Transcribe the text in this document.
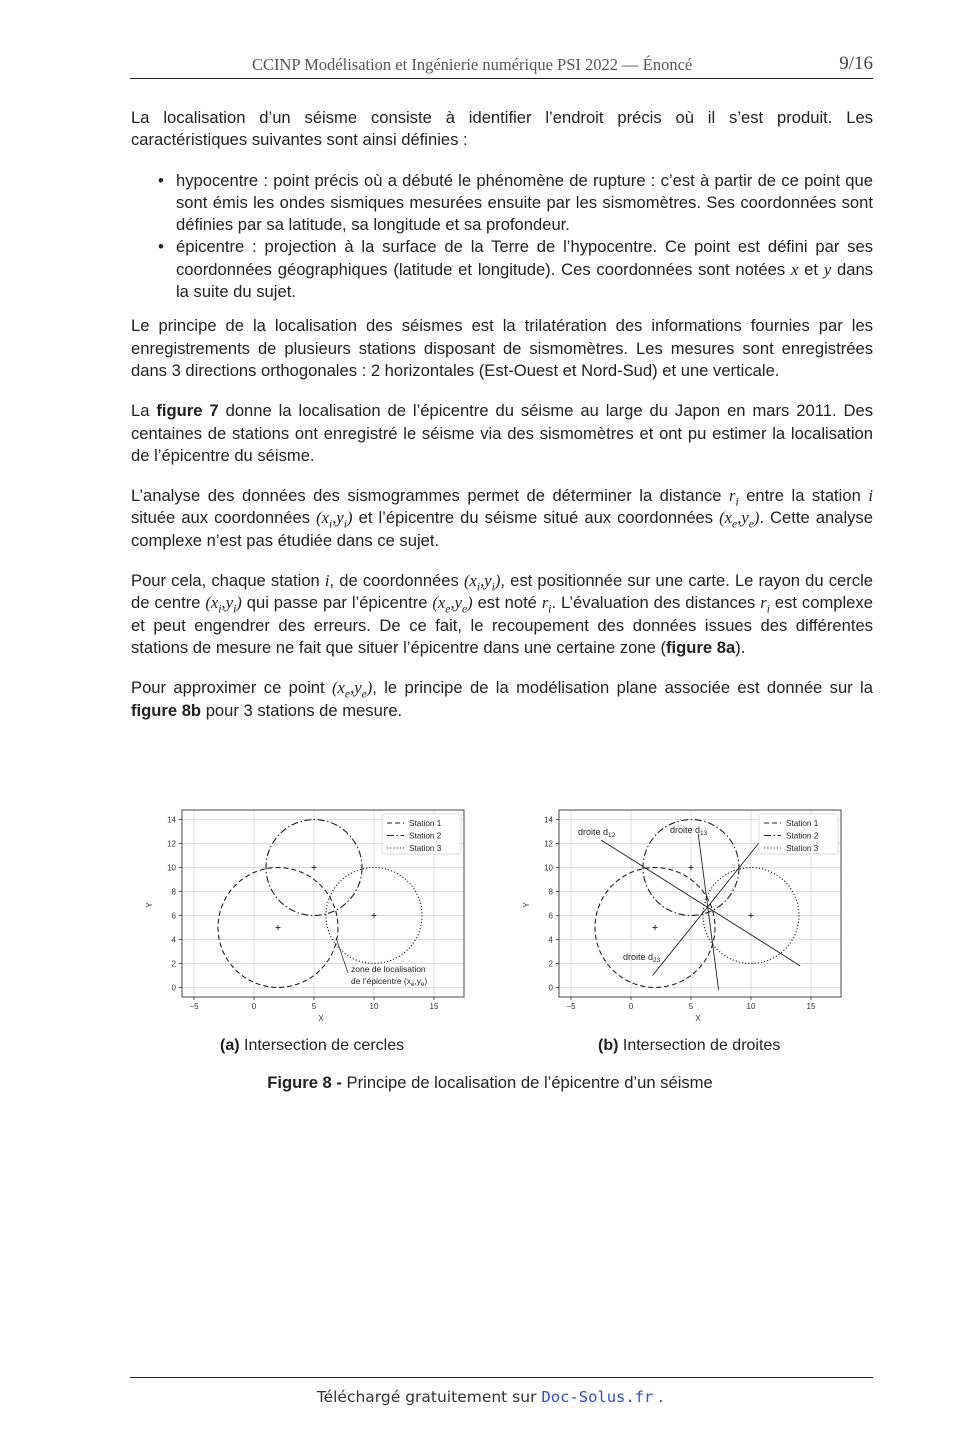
CCINP Modélisation et Ingénierie numérique PSI 2022 — Énoncé	9/16

La localisation d’un séisme consiste à identifier l’endroit précis où il s’est produit. Les caractéristiques suivantes sont ainsi définies :

• hypocentre : point précis où a débuté le phénomène de rupture : c’est à partir de ce point que sont émis les ondes sismiques mesurées ensuite par les sismomètres. Ses coordonnées sont définies par sa latitude, sa longitude et sa profondeur.
• épicentre : projection à la surface de la Terre de l’hypocentre. Ce point est défini par ses coordonnées géographiques (latitude et longitude). Ces coordonnées sont notées x et y dans la suite du sujet.

Le principe de la localisation des séismes est la trilatération des informations fournies par les enregistrements de plusieurs stations disposant de sismomètres. Les mesures sont enregistrées dans 3 directions orthogonales : 2 horizontales (Est-Ouest et Nord-Sud) et une verticale.

La figure 7 donne la localisation de l’épicentre du séisme au large du Japon en mars 2011. Des centaines de stations ont enregistré le séisme via des sismomètres et ont pu estimer la localisation de l’épicentre du séisme.

L’analyse des données des sismogrammes permet de déterminer la distance $r_i$ entre la station i située aux coordonnées $(x_i,y_i)$ et l’épicentre du séisme situé aux coordonnées $(x_e,y_e)$. Cette analyse complexe n’est pas étudiée dans ce sujet.

Pour cela, chaque station i, de coordonnées $(x_i,y_i)$, est positionnée sur une carte. Le rayon du cercle de centre $(x_i,y_i)$ qui passe par l’épicentre $(x_e,y_e)$ est noté $r_i$. L’évaluation des distances $r_i$ est complexe et peut engendrer des erreurs. De ce fait, le recoupement des données issues des différentes stations de mesure ne fait que situer l’épicentre dans une certaine zone (figure 8a).

Pour approximer ce point $(x_e,y_e)$, le principe de la modélisation plane associée est donnée sur la figure 8b pour 3 stations de mesure.

−5	0	5	10	15
0
2
4
6
8
10
12
14	Station 1
Station 2
Station 3
X
Y
zone de localisation
de l’épicentre $(x_e,y_e)$
−5	0	5	10	15
0
2
4
6
8
10
12
14	Station 1
Station 2
Station 3
X
Y
droite $d_{12}$
droite $d_{13}$
droite $d_{23}$
(a) Intersection de cercles	(b) Intersection de droites
Figure 8 - Principe de localisation de l’épicentre d’un séisme
Téléchargé gratuitement sur Doc-Solus.fr .
